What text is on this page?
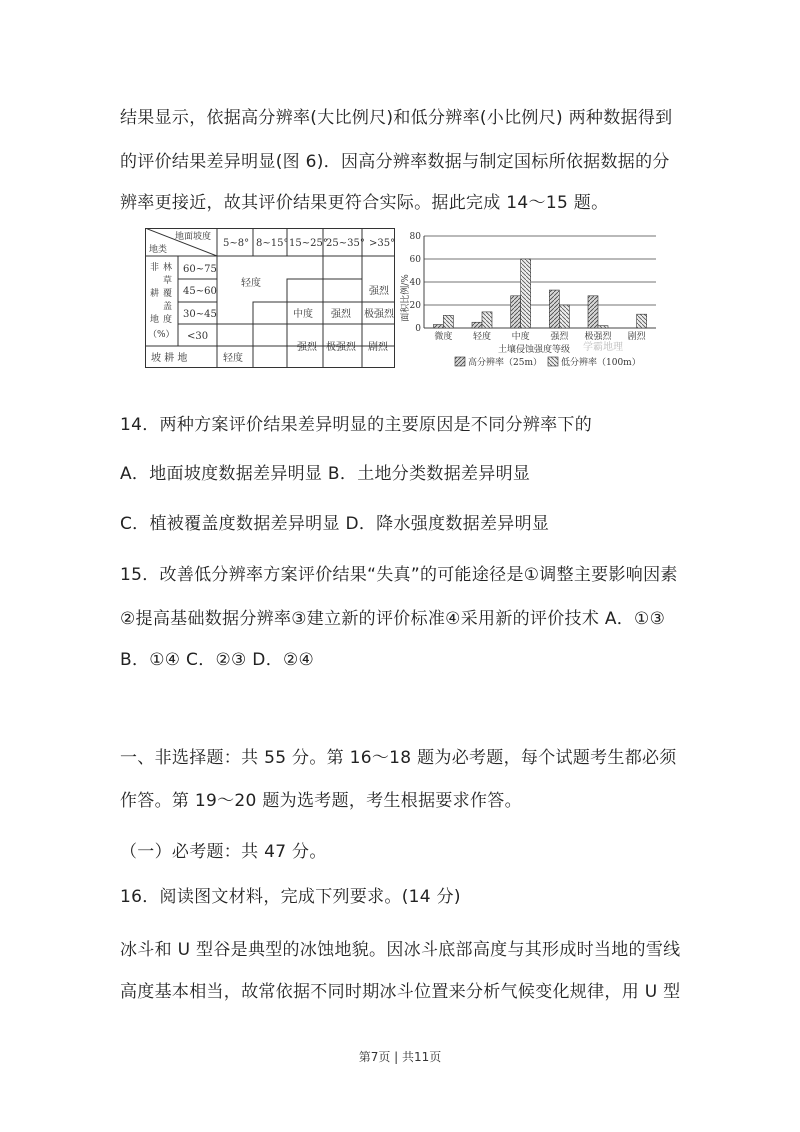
结果显示，依据高分辨率(大比例尺)和低分辨率(小比例尺) 两种数据得到
的评价结果差异明显(图 6)．因高分辨率数据与制定国标所依据数据的分
辨率更接近，故其评价结果更符合实际。据此完成 14～15 题。
地面坡度
地类
5~8° 8~15° 15~25°
25~35° >35°
非 林
草
耕 覆
盖
地 度
（%）
60~75
45~60
30~45
<30
坡 耕 地
轻度
中度
强烈
强烈
强烈
极强烈
极强烈 剧烈
轻度
面积比例/%
0
20
40
60
80
微度 轻度 中度 强烈 极强烈 剧烈
土壤侵蚀强度等级 学霸地理
高分辨率（25m） 低分辨率（100m）
14．两种方案评价结果差异明显的主要原因是不同分辨率下的
A．地面坡度数据差异明显 B．土地分类数据差异明显
C．植被覆盖度数据差异明显 D．降水强度数据差异明显
15．改善低分辨率方案评价结果“失真”的可能途径是①调整主要影响因素
②提高基础数据分辨率③建立新的评价标准④采用新的评价技术 A．①③
B．①④ C．②③ D．②④
一、非选择题：共 55 分。第 16～18 题为必考题，每个试题考生都必须
作答。第 19～20 题为选考题，考生根据要求作答。
（一）必考题：共 47 分。
16．阅读图文材料，完成下列要求。(14 分)
冰斗和 U 型谷是典型的冰蚀地貌。因冰斗底部高度与其形成时当地的雪线
高度基本相当，故常依据不同时期冰斗位置来分析气候变化规律，用 U 型
第7页 | 共11页
